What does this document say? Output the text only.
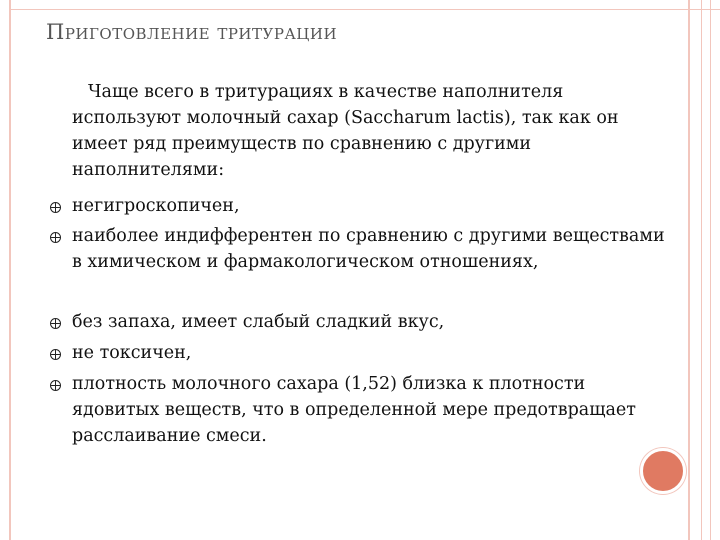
ПРИГОТОВЛЕНИЕ ТРИТУРАЦИИ

Чаще всего в тритурациях в качестве наполнителя используют молочный сахар (Saccharum lactis), так как он имеет ряд преимуществ по сравнению с другими наполнителями:

негигроскопичен,

наиболее индифферентен по сравнению с другими веществами в химическом и фармакологическом отношениях,

без запаха, имеет слабый сладкий вкус,

не токсичен,

плотность молочного сахара (1,52) близка к плотности ядовитых веществ, что в определенной мере предотвращает расслаивание смеси.
